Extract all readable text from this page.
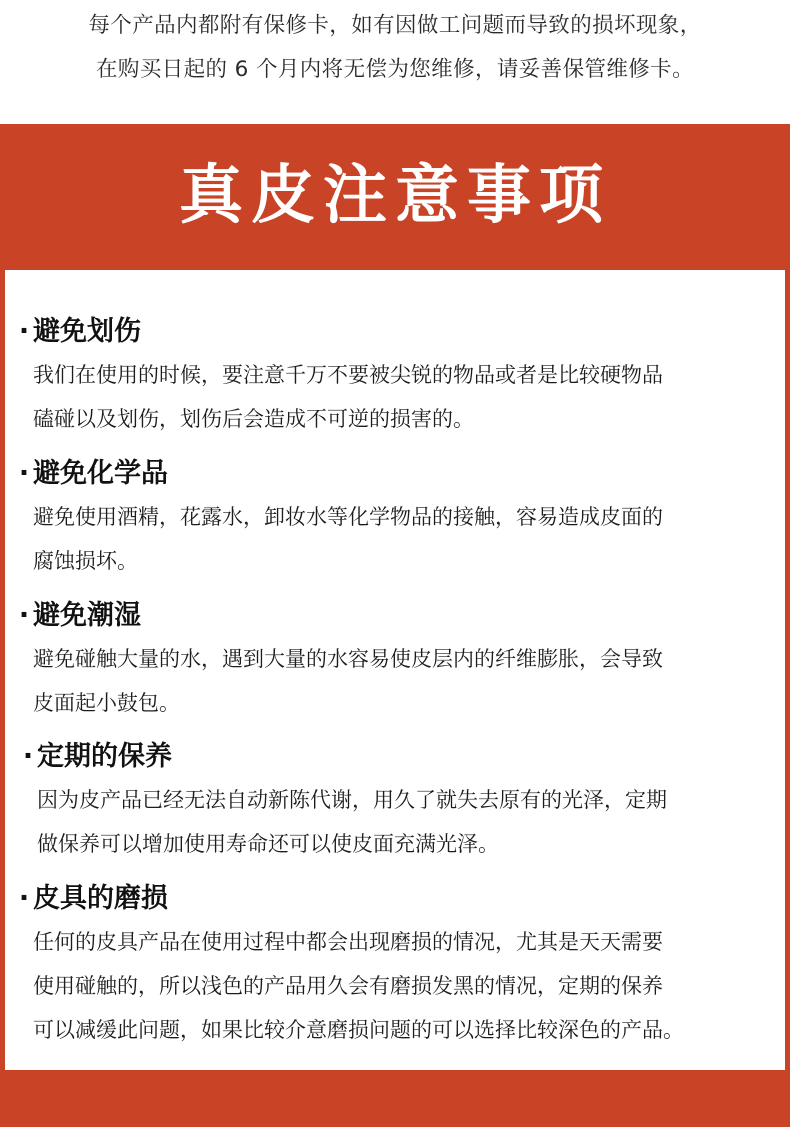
每个产品内都附有保修卡，如有因做工问题而导致的损坏现象，
在购买日起的 6 个月内将无偿为您维修，请妥善保管维修卡。
真皮注意事项
· 避免划伤
我们在使用的时候，要注意千万不要被尖锐的物品或者是比较硬物品
磕碰以及划伤，划伤后会造成不可逆的损害的。
· 避免化学品
避免使用酒精，花露水，卸妆水等化学物品的接触，容易造成皮面的
腐蚀损坏。
· 避免潮湿
避免碰触大量的水，遇到大量的水容易使皮层内的纤维膨胀，会导致
皮面起小鼓包。
· 定期的保养
因为皮产品已经无法自动新陈代谢，用久了就失去原有的光泽，定期
做保养可以增加使用寿命还可以使皮面充满光泽。
· 皮具的磨损
任何的皮具产品在使用过程中都会出现磨损的情况，尤其是天天需要
使用碰触的，所以浅色的产品用久会有磨损发黑的情况，定期的保养
可以减缓此问题，如果比较介意磨损问题的可以选择比较深色的产品。
